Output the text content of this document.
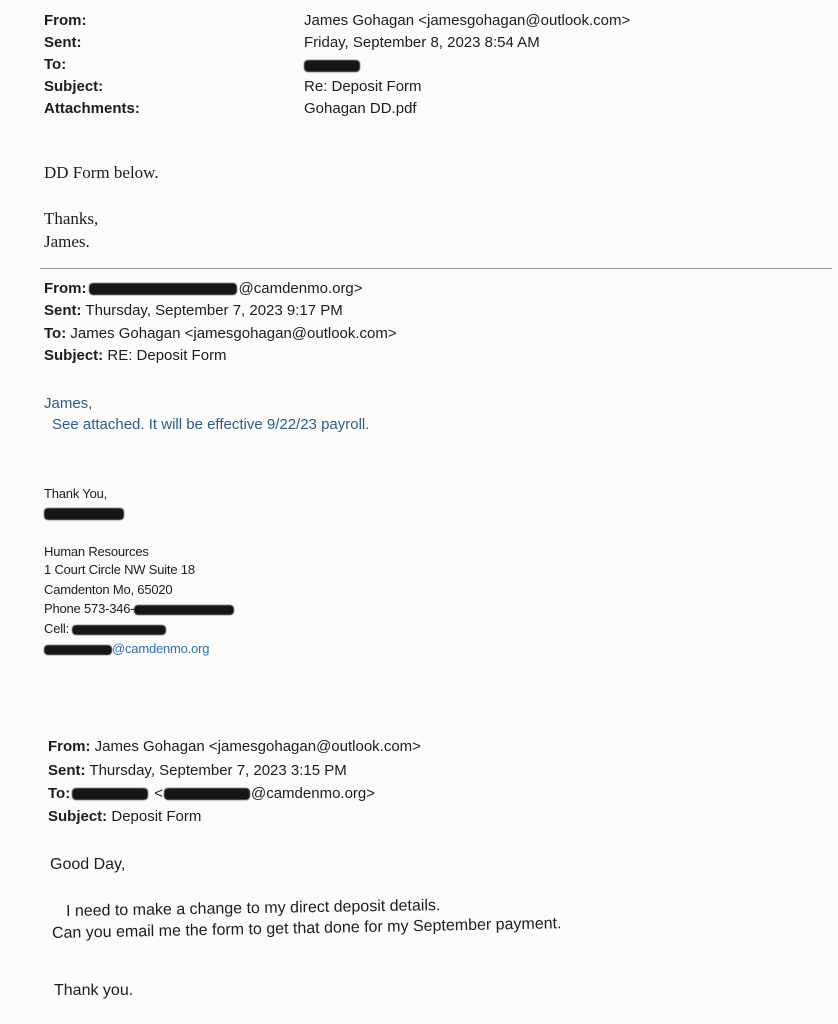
From:	James Gohagan <jamesgohagan@outlook.com>
Sent:	Friday, September 8, 2023 8:54 AM
To:
Subject:	Re: Deposit Form
Attachments:	Gohagan DD.pdf
DD Form below.
Thanks,
James.
From:	@camdenmo.org>
Sent: Thursday, September 7, 2023 9:17 PM
To: James Gohagan <jamesgohagan@outlook.com>
Subject: RE: Deposit Form
James,
See attached. It will be effective 9/22/23 payroll.
Thank You,
Human Resources
1 Court Circle NW Suite 18
Camdenton Mo, 65020
Phone 573-346-
Cell:
@camdenmo.org
From: James Gohagan <jamesgohagan@outlook.com>
Sent: Thursday, September 7, 2023 3:15 PM
To:	<	@camdenmo.org>
Subject: Deposit Form
Good Day,
I need to make a change to my direct deposit details.
Can you email me the form to get that done for my September payment.
Thank you.
